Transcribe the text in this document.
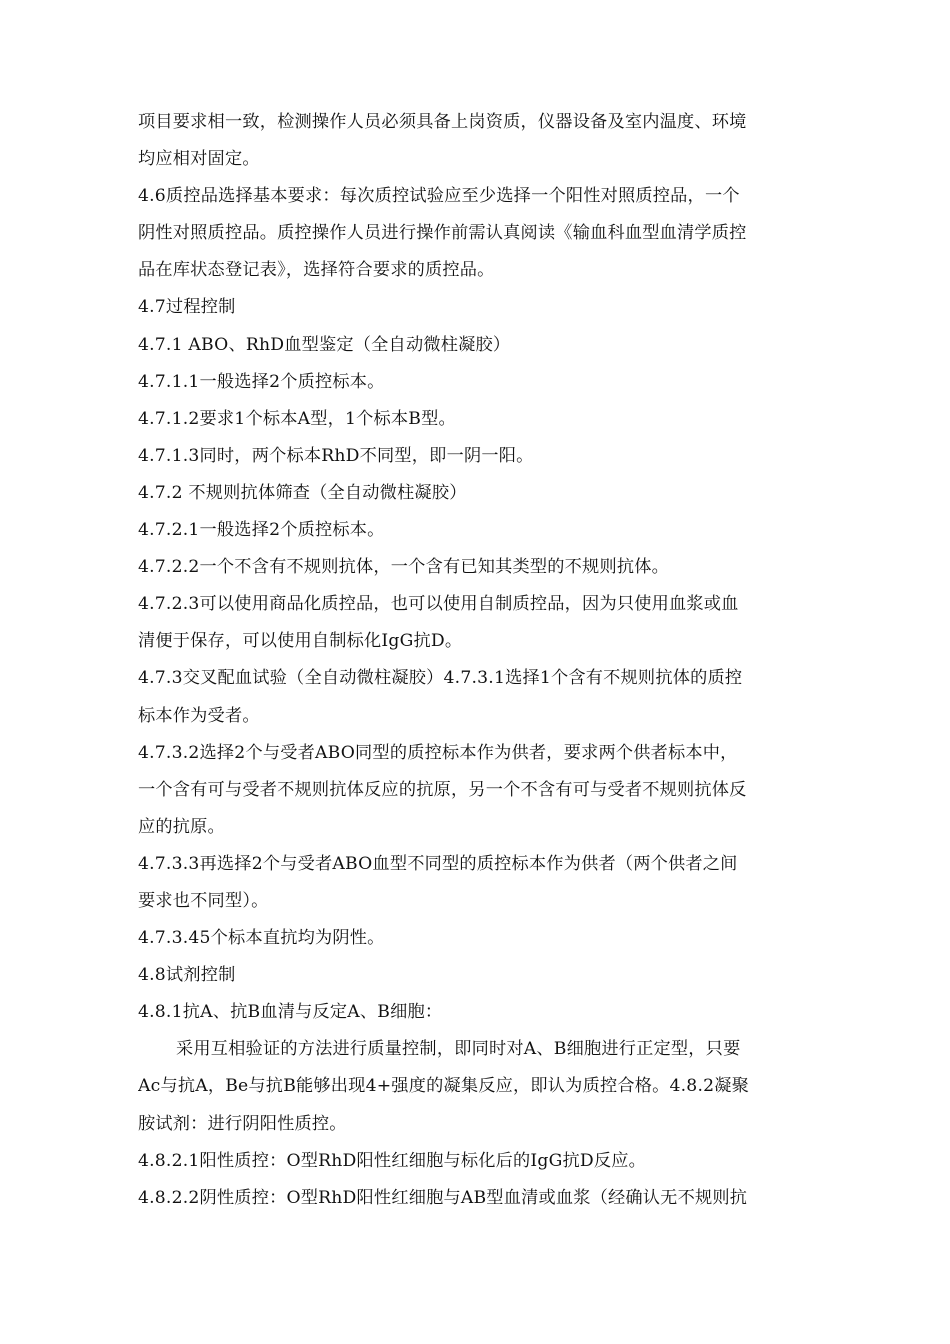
项目要求相一致，检测操作人员必须具备上岗资质，仪器设备及室内温度、环境
均应相对固定。
4.6质控品选择基本要求：每次质控试验应至少选择一个阳性对照质控品，一个
阴性对照质控品。质控操作人员进行操作前需认真阅读《输血科血型血清学质控
品在库状态登记表》，选择符合要求的质控品。
4.7过程控制
4.7.1 ABO、RhD血型鉴定（全自动微柱凝胶）
4.7.1.1一般选择2个质控标本。
4.7.1.2要求1个标本A型，1个标本B型。
4.7.1.3同时，两个标本RhD不同型，即一阴一阳。
4.7.2 不规则抗体筛查（全自动微柱凝胶）
4.7.2.1一般选择2个质控标本。
4.7.2.2一个不含有不规则抗体，一个含有已知其类型的不规则抗体。
4.7.2.3可以使用商品化质控品，也可以使用自制质控品，因为只使用血浆或血
清便于保存，可以使用自制标化IgG抗D。
4.7.3交叉配血试验（全自动微柱凝胶）4.7.3.1选择1个含有不规则抗体的质控
标本作为受者。
4.7.3.2选择2个与受者ABO同型的质控标本作为供者，要求两个供者标本中，
一个含有可与受者不规则抗体反应的抗原，另一个不含有可与受者不规则抗体反
应的抗原。
4.7.3.3再选择2个与受者ABO血型不同型的质控标本作为供者（两个供者之间
要求也不同型）。
4.7.3.45个标本直抗均为阴性。
4.8试剂控制
4.8.1抗A、抗B血清与反定A、B细胞：
采用互相验证的方法进行质量控制，即同时对A、B细胞进行正定型，只要
Ac与抗A，Be与抗B能够出现4+强度的凝集反应，即认为质控合格。4.8.2凝聚
胺试剂：进行阴阳性质控。
4.8.2.1阳性质控：O型RhD阳性红细胞与标化后的IgG抗D反应。
4.8.2.2阴性质控：O型RhD阳性红细胞与AB型血清或血浆（经确认无不规则抗
